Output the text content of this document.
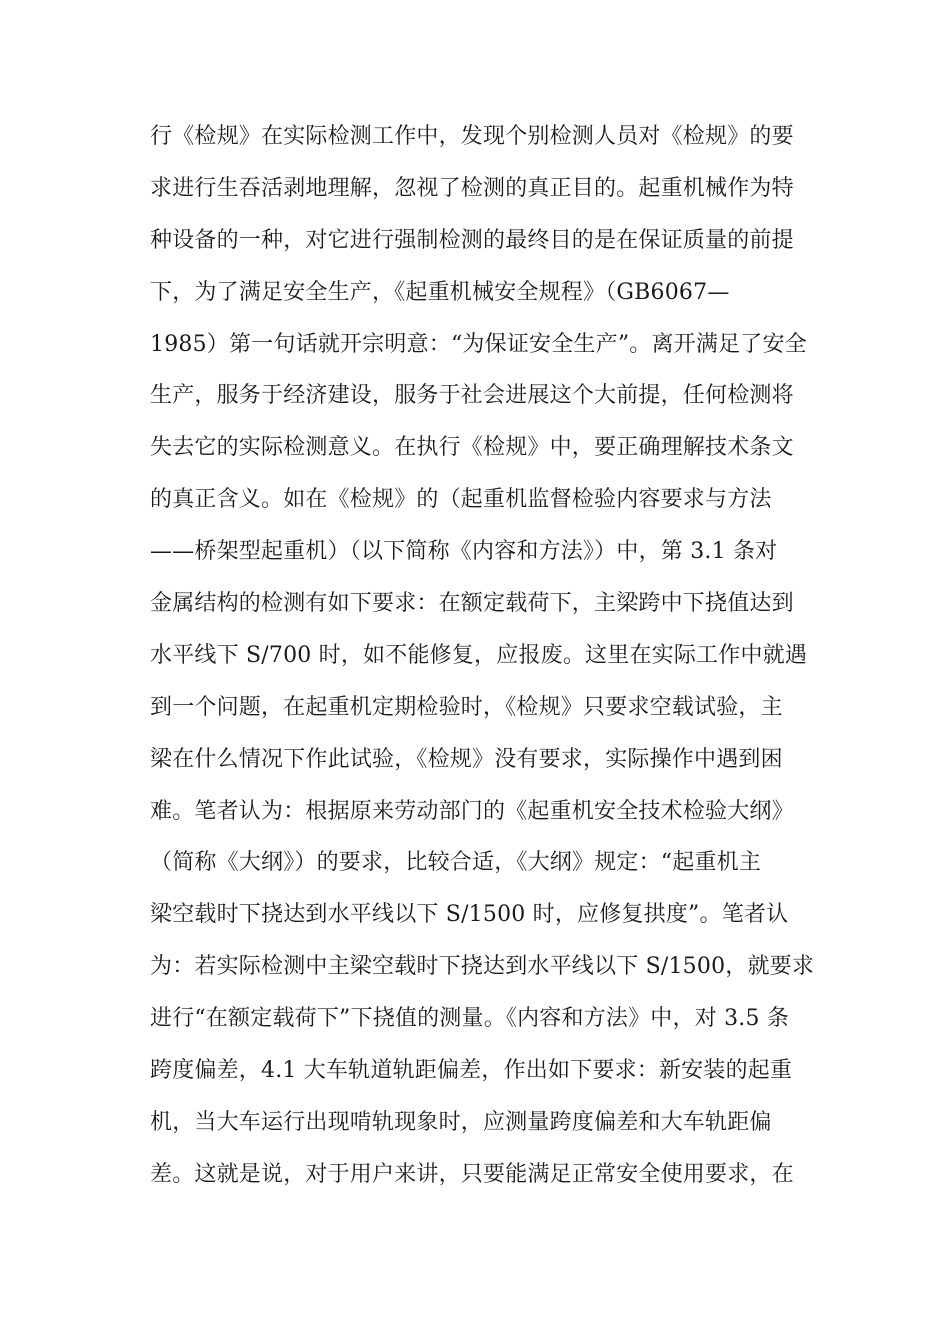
行《检规》在实际检测工作中，发现个别检测人员对《检规》的要
求进行生吞活剥地理解，忽视了检测的真正目的。起重机械作为特
种设备的一种，对它进行强制检测的最终目的是在保证质量的前提
下，为了满足安全生产，《起重机械安全规程》（GB6067—
1985）第一句话就开宗明意：“为保证安全生产”。离开满足了安全
生产，服务于经济建设，服务于社会进展这个大前提，任何检测将
失去它的实际检测意义。在执行《检规》中，要正确理解技术条文
的真正含义。如在《检规》的（起重机监督检验内容要求与方法
——桥架型起重机）（以下简称《内容和方法》）中，第 3.1 条对
金属结构的检测有如下要求：在额定载荷下，主梁跨中下挠值达到
水平线下 S/700 时，如不能修复，应报废。这里在实际工作中就遇
到一个问题，在起重机定期检验时，《检规》只要求空载试验，主
梁在什么情况下作此试验，《检规》没有要求，实际操作中遇到困
难。笔者认为：根据原来劳动部门的《起重机安全技术检验大纲》
（简称《大纲》）的要求，比较合适，《大纲》规定：“起重机主
梁空载时下挠达到水平线以下 S/1500 时，应修复拱度”。笔者认
为：若实际检测中主梁空载时下挠达到水平线以下 S/1500，就要求
进行“在额定载荷下”下挠值的测量。《内容和方法》中，对 3.5 条
跨度偏差，4.1 大车轨道轨距偏差，作出如下要求：新安装的起重
机，当大车运行出现啃轨现象时，应测量跨度偏差和大车轨距偏
差。这就是说，对于用户来讲，只要能满足正常安全使用要求，在
